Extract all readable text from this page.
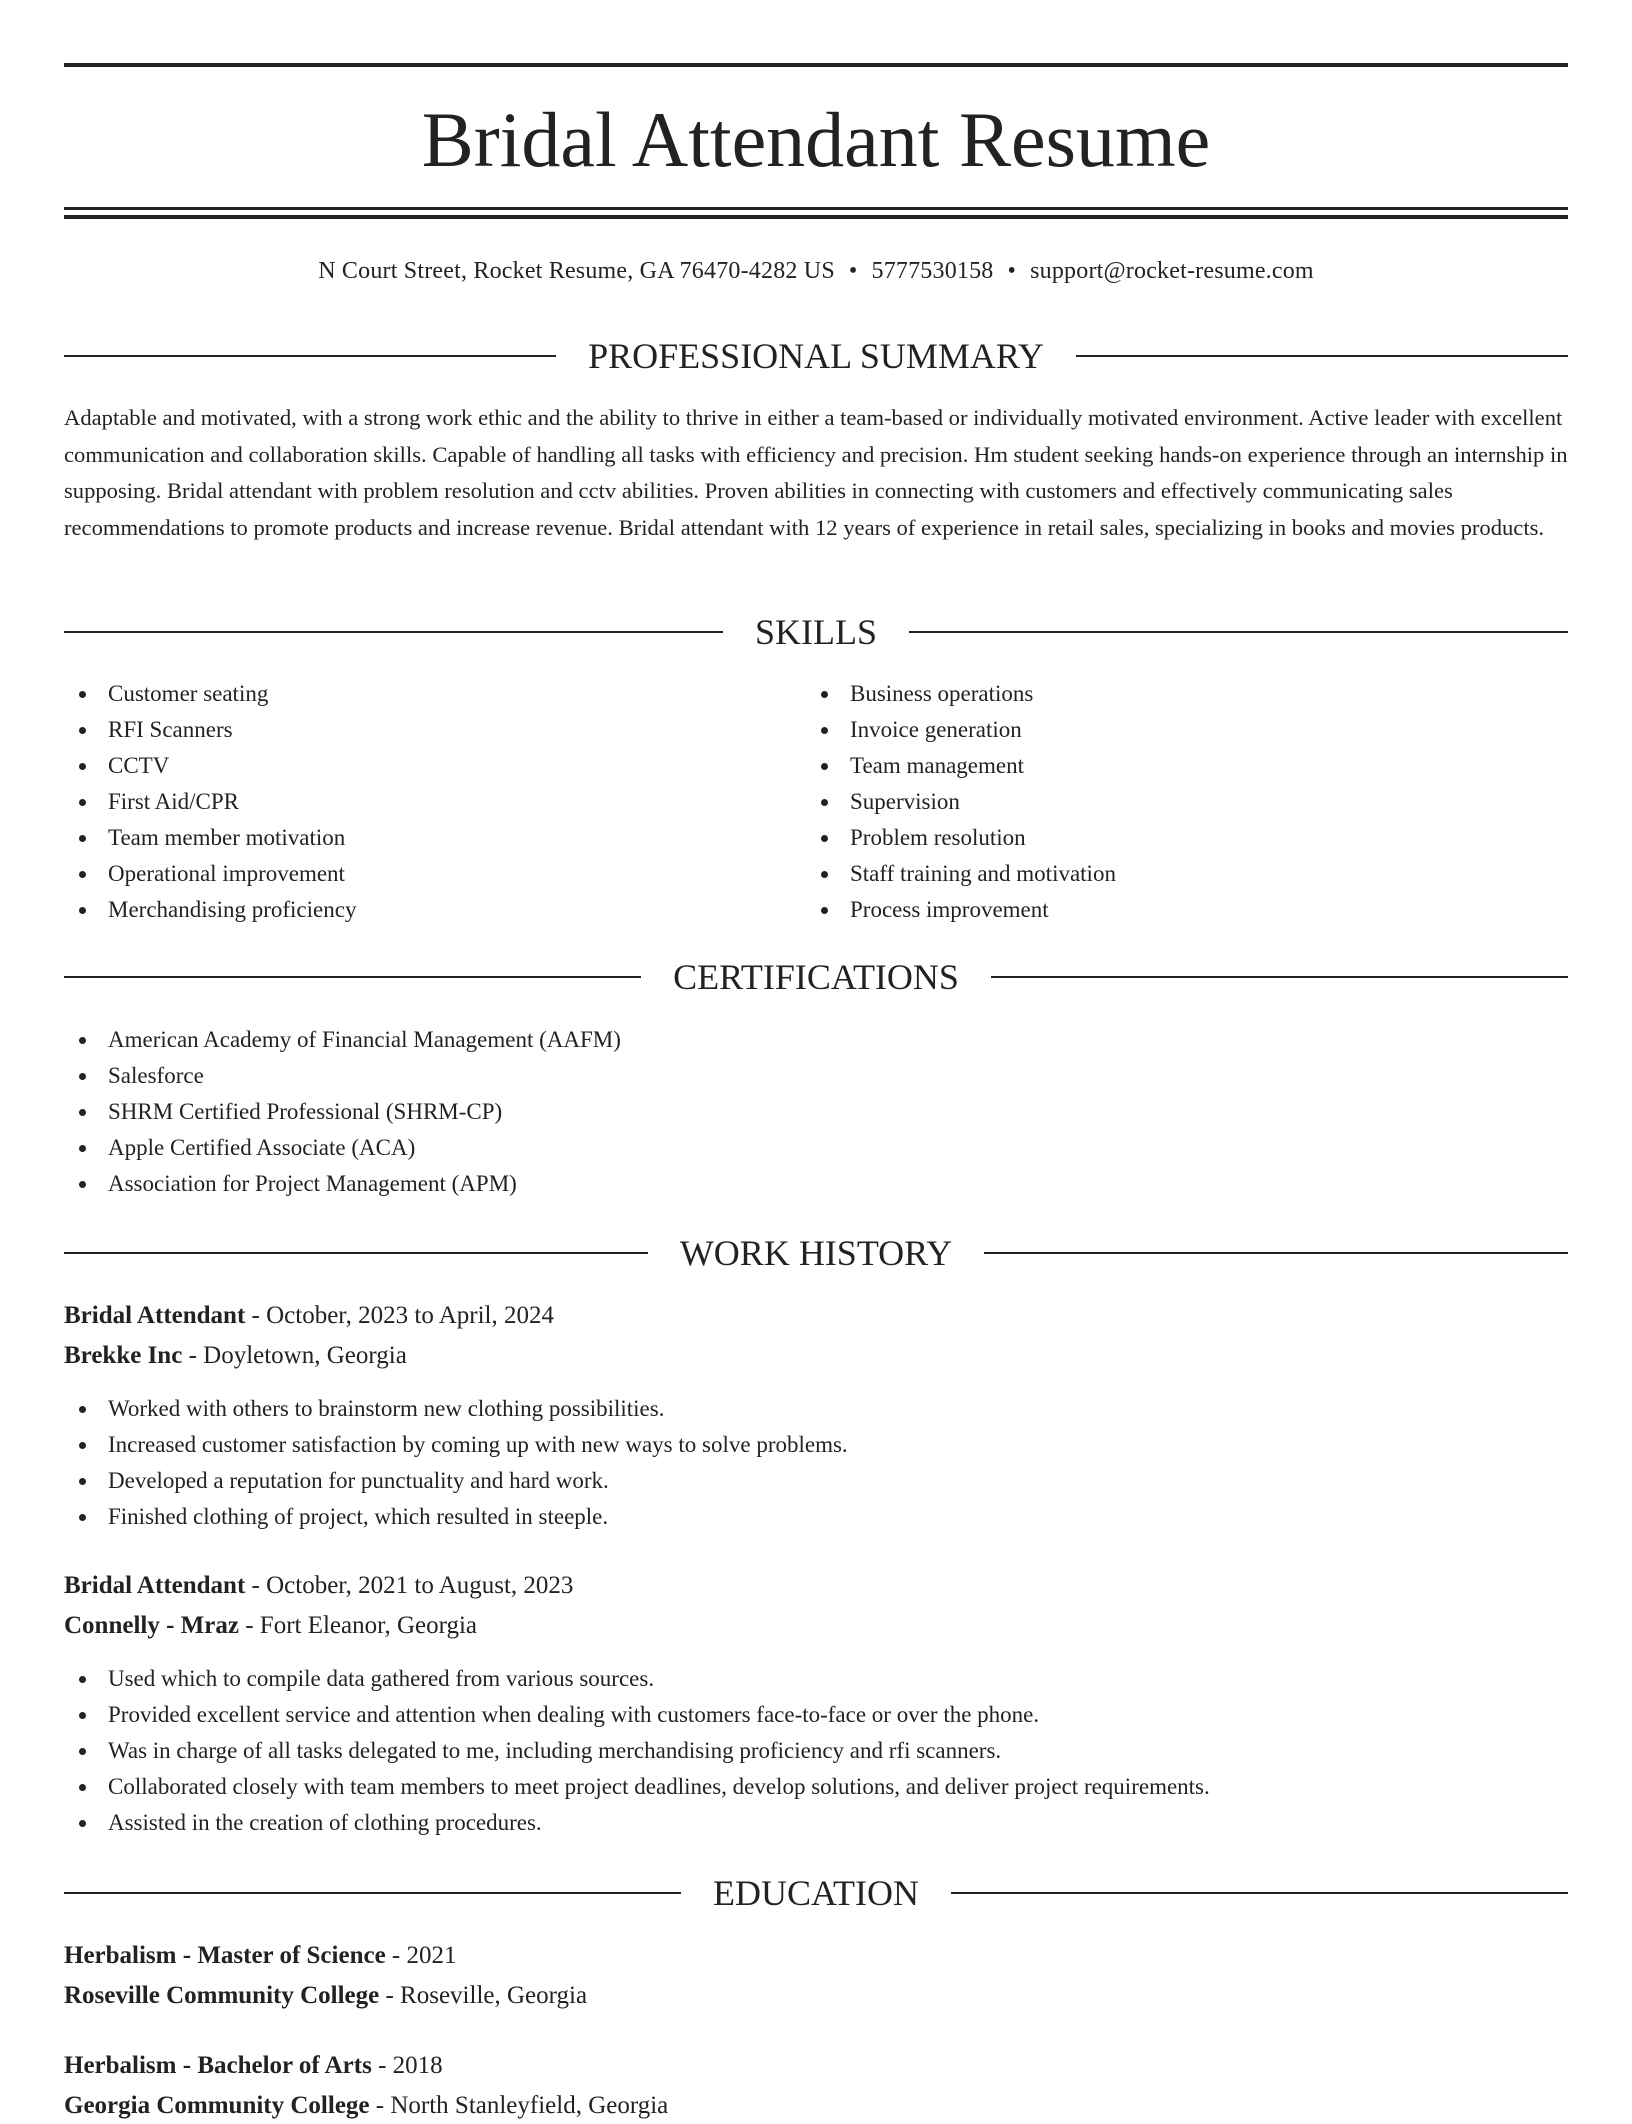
Bridal Attendant Resume
N Court Street, Rocket Resume, GA 76470-4282 US • 5777530158 • support@rocket-resume.com
PROFESSIONAL SUMMARY

Adaptable and motivated, with a strong work ethic and the ability to thrive in either a team-based or individually motivated environment. Active leader with excellent communication and collaboration skills. Capable of handling all tasks with efficiency and precision. Hm student seeking hands-on experience through an internship in supposing. Bridal attendant with problem resolution and cctv abilities. Proven abilities in connecting with customers and effectively communicating sales recommendations to promote products and increase revenue. Bridal attendant with 12 years of experience in retail sales, specializing in books and movies products.

SKILLS
Customer seating
RFI Scanners
CCTV
First Aid/CPR
Team member motivation
Operational improvement
Merchandising proficiency
Business operations
Invoice generation
Team management
Supervision
Problem resolution
Staff training and motivation
Process improvement
CERTIFICATIONS
American Academy of Financial Management (AAFM)
Salesforce
SHRM Certified Professional (SHRM-CP)
Apple Certified Associate (ACA)
Association for Project Management (APM)
WORK HISTORY
Bridal Attendant - October, 2023 to April, 2024
Brekke Inc - Doyletown, Georgia
Worked with others to brainstorm new clothing possibilities.
Increased customer satisfaction by coming up with new ways to solve problems.
Developed a reputation for punctuality and hard work.
Finished clothing of project, which resulted in steeple.
Bridal Attendant - October, 2021 to August, 2023
Connelly - Mraz - Fort Eleanor, Georgia
Used which to compile data gathered from various sources.
Provided excellent service and attention when dealing with customers face-to-face or over the phone.
Was in charge of all tasks delegated to me, including merchandising proficiency and rfi scanners.
Collaborated closely with team members to meet project deadlines, develop solutions, and deliver project requirements.
Assisted in the creation of clothing procedures.
EDUCATION
Herbalism - Master of Science - 2021
Roseville Community College - Roseville, Georgia
Herbalism - Bachelor of Arts - 2018
Georgia Community College - North Stanleyfield, Georgia
